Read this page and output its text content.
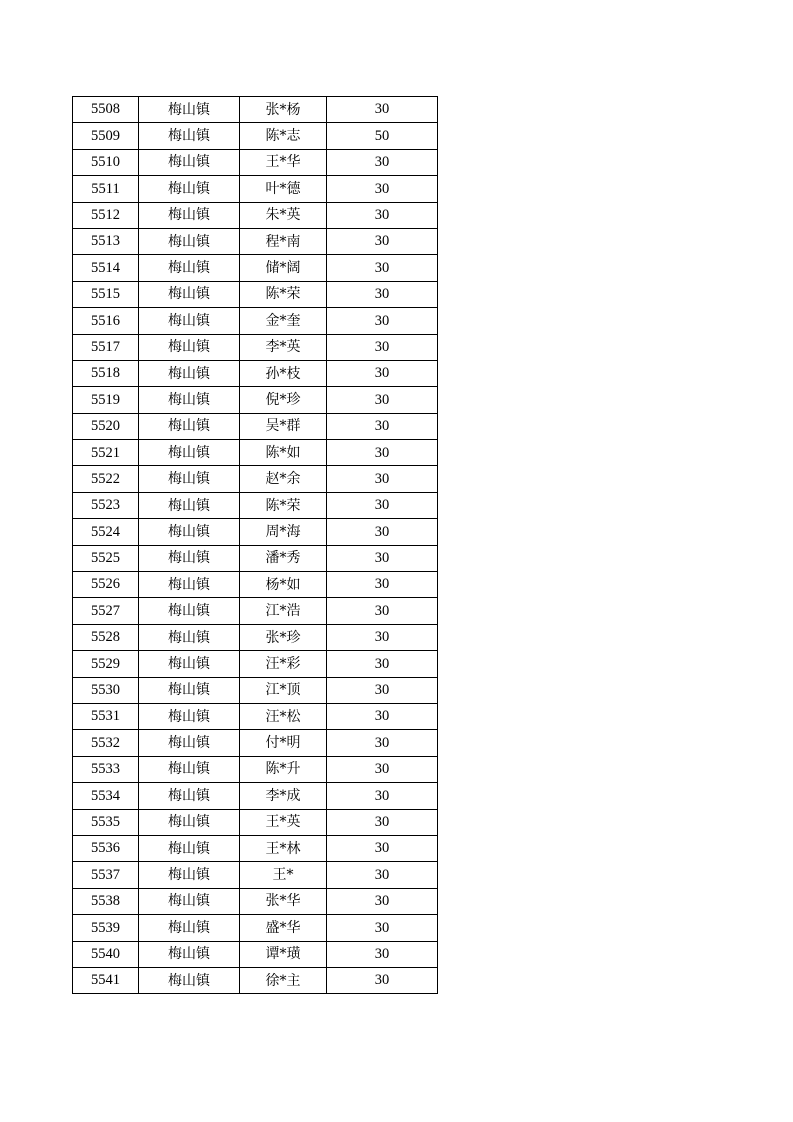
5508	梅山镇	张*杨	30
5509	梅山镇	陈*志	50
5510	梅山镇	王*华	30
5511	梅山镇	叶*德	30
5512	梅山镇	朱*英	30
5513	梅山镇	程*南	30
5514	梅山镇	储*阔	30
5515	梅山镇	陈*荣	30
5516	梅山镇	金*奎	30
5517	梅山镇	李*英	30
5518	梅山镇	孙*枝	30
5519	梅山镇	倪*珍	30
5520	梅山镇	吴*群	30
5521	梅山镇	陈*如	30
5522	梅山镇	赵*余	30
5523	梅山镇	陈*荣	30
5524	梅山镇	周*海	30
5525	梅山镇	潘*秀	30
5526	梅山镇	杨*如	30
5527	梅山镇	江*浩	30
5528	梅山镇	张*珍	30
5529	梅山镇	汪*彩	30
5530	梅山镇	江*顶	30
5531	梅山镇	汪*松	30
5532	梅山镇	付*明	30
5533	梅山镇	陈*升	30
5534	梅山镇	李*成	30
5535	梅山镇	王*英	30
5536	梅山镇	王*林	30
5537	梅山镇	王*	30
5538	梅山镇	张*华	30
5539	梅山镇	盛*华	30
5540	梅山镇	谭*璜	30
5541	梅山镇	徐*主	30
